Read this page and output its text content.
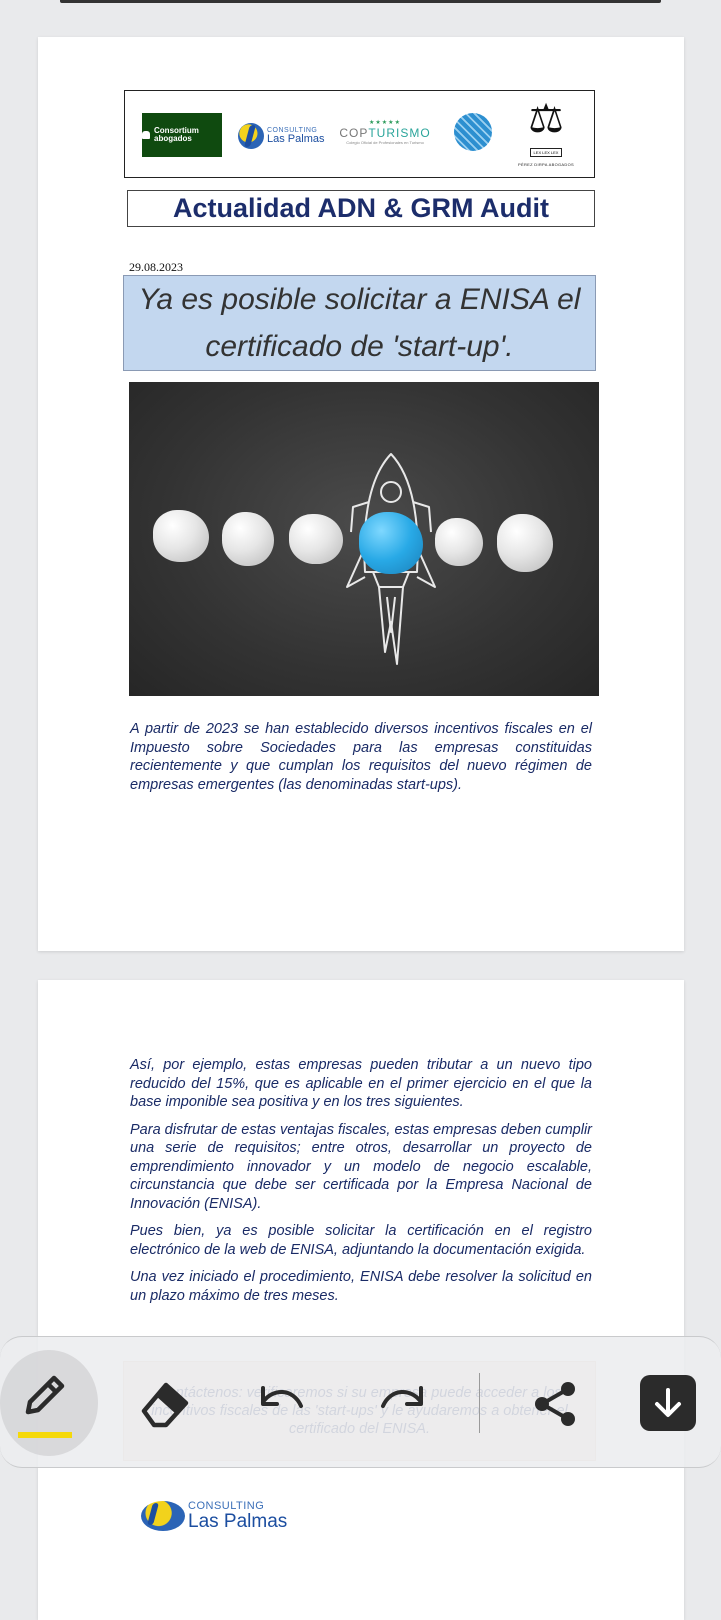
Consortium abogados
CONSULTING
Las Palmas
★★★★★
COPTURISMO
Colegio Oficial de Profesionales en Turismo
⚖
LEX LEX LEX
PÉREZ DIRPA ABOGADOS
Actualidad ADN & GRM Audit
29.08.2023
Ya es posible solicitar a ENISA el certificado de 'start-up'.

A partir de 2023 se han establecido diversos incentivos fiscales en el Impuesto sobre Sociedades para las empresas constituidas recientemente y que cumplan los requisitos del nuevo régimen de empresas emergentes (las denominadas start-ups).

Así, por ejemplo, estas empresas pueden tributar a un nuevo tipo reducido del 15%, que es aplicable en el primer ejercicio en el que la base imponible sea positiva y en los tres siguientes.

Para disfrutar de estas ventajas fiscales, estas empresas deben cumplir una serie de requisitos; entre otros, desarrollar un proyecto de emprendimiento innovador y un modelo de negocio escalable, circunstancia que debe ser certificada por la Empresa Nacional de Innovación (ENISA).

Pues bien, ya es posible solicitar la certificación en el registro electrónico de la web de ENISA, adjuntando la documentación exigida.

Una vez iniciado el procedimiento, ENISA debe resolver la solicitud en un plazo máximo de tres meses.

CONSULTING
Las Palmas
